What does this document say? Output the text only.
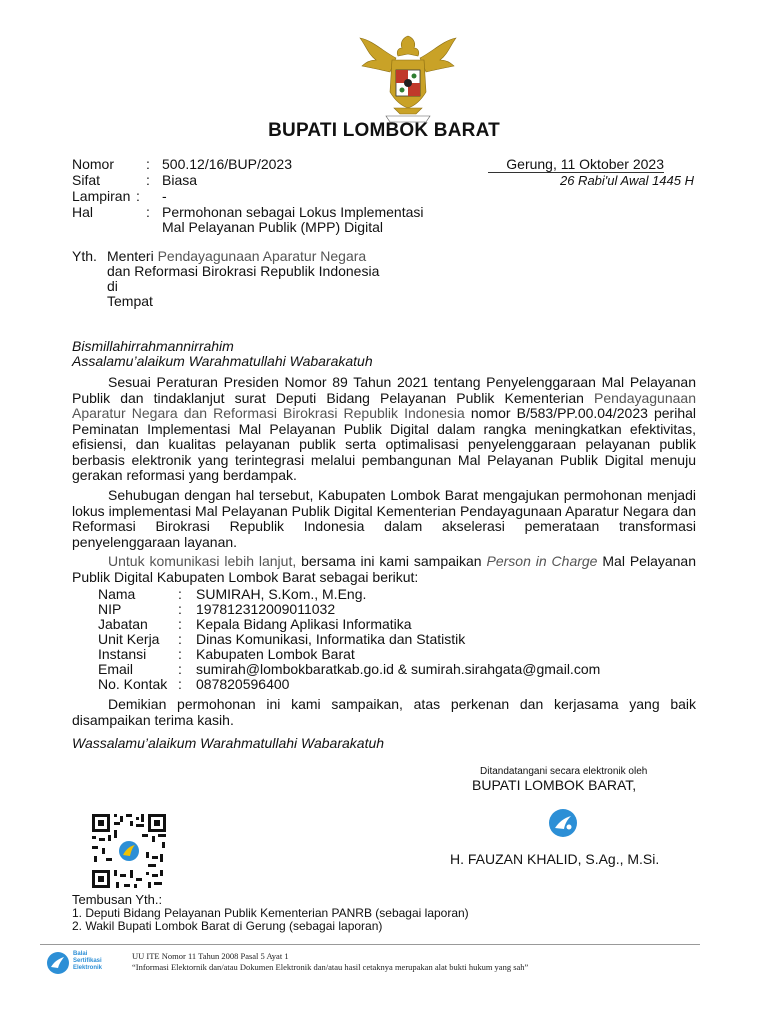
BUPATI LOMBOK BARAT
Nomor	: 500.12/16/BUP/2023
Sifat	: Biasa
Lampiran : -
Hal	: Permohonan sebagai Lokus Implementasi
Mal Pelayanan Publik (MPP) Digital
Gerung, 11 Oktober 2023
26 Rabi'ul Awal 1445 H
Yth. Menteri Pendayagunaan Aparatur Negara
dan Reformasi Birokrasi Republik Indonesia
di
Tempat
Bismillahirrahmannirrahim
Assalamu’alaikum Warahmatullahi Wabarakatuh
Sesuai Peraturan Presiden Nomor 89 Tahun 2021 tentang Penyelenggaraan Mal Pelayanan Publik dan tindaklanjut surat Deputi Bidang Pelayanan Publik Kementerian Pendayagunaan Aparatur Negara dan Reformasi Birokrasi Republik Indonesia nomor B/583/PP.00.04/2023 perihal Peminatan Implementasi Mal Pelayanan Publik Digital dalam rangka meningkatkan efektivitas, efisiensi, dan kualitas pelayanan publik serta optimalisasi penyelenggaraan pelayanan publik berbasis elektronik yang terintegrasi melalui pembangunan Mal Pelayanan Publik Digital menuju gerakan reformasi yang berdampak.
Sehubugan dengan hal tersebut, Kabupaten Lombok Barat mengajukan permohonan menjadi lokus implementasi Mal Pelayanan Publik Digital Kementerian Pendayagunaan Aparatur Negara dan Reformasi Birokrasi Republik Indonesia dalam akselerasi pemerataan transformasi penyelenggaraan layanan.
Untuk komunikasi lebih lanjut, bersama ini kami sampaikan Person in Charge Mal Pelayanan Publik Digital Kabupaten Lombok Barat sebagai berikut:
Nama	: SUMIRAH, S.Kom., M.Eng.
NIP	: 197812312009011032
Jabatan : Kepala Bidang Aplikasi Informatika
Unit Kerja : Dinas Komunikasi, Informatika dan Statistik
Instansi : Kabupaten Lombok Barat
Email	: sumirah@lombokbaratkab.go.id & sumirah.sirahgata@gmail.com
No. Kontak : 087820596400
Demikian permohonan ini kami sampaikan, atas perkenan dan kerjasama yang baik disampaikan terima kasih.
Wassalamu’alaikum Warahmatullahi Wabarakatuh
Ditandatangani secara elektronik oleh
BUPATI LOMBOK BARAT,
H. FAUZAN KHALID, S.Ag., M.Si.
Tembusan Yth.:
1. Deputi Bidang Pelayanan Publik Kementerian PANRB (sebagai laporan)
2. Wakil Bupati Lombok Barat di Gerung (sebagai laporan)
Balai
Sertifikasi
Elektronik
UU ITE Nomor 11 Tahun 2008 Pasal 5 Ayat 1
“Informasi Elektornik dan/atau Dokumen Elektronik dan/atau hasil cetaknya merupakan alat bukti hukum yang sah”
